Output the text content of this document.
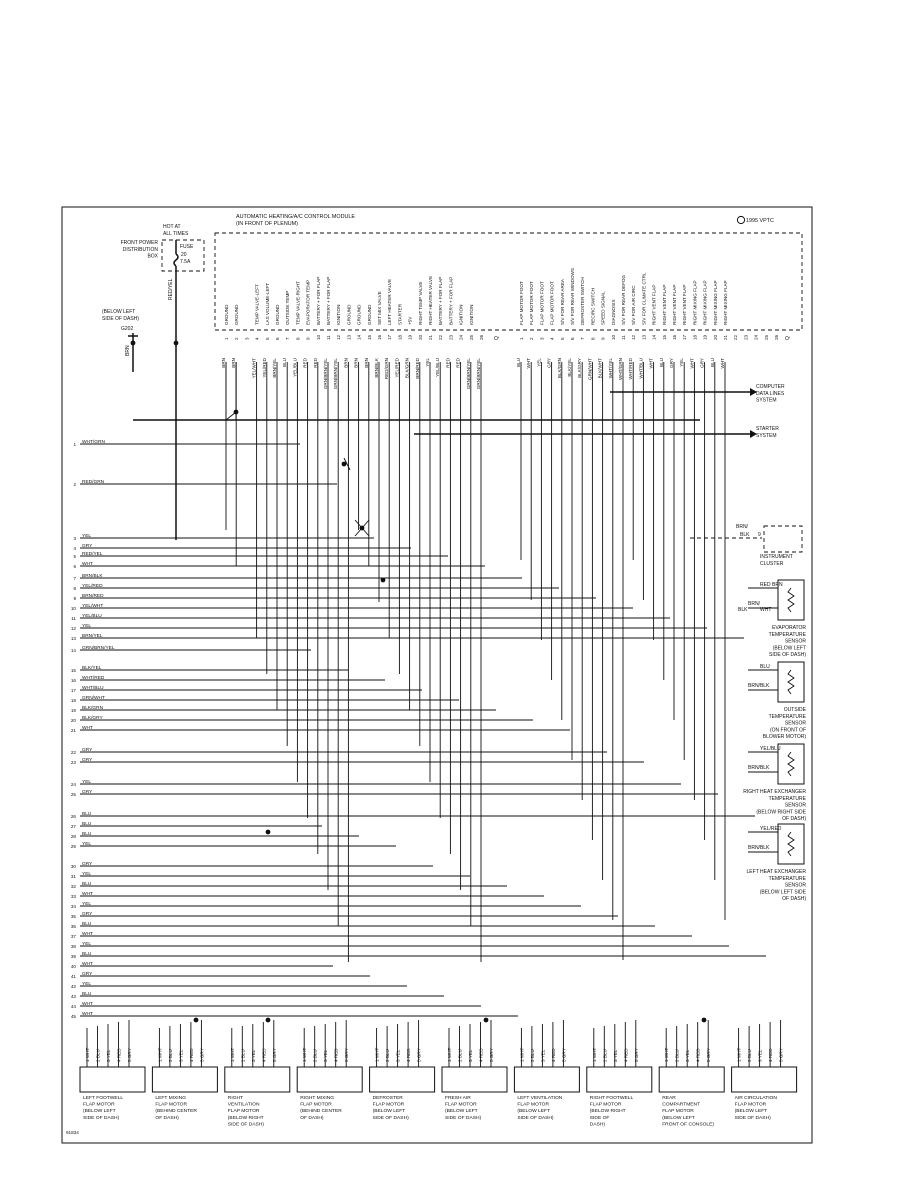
AUTOMATIC HEATING/A/C CONTROL MODULE
(IN FRONT OF PLENUM)	1995 VPTC
GROUND
1
BRN
GROUND
2
BRN
3
TEMP VALVE-LEFT
4
YEL/WHT
LAS VOLUME-LEFT
5
YEL/RED
GROUND
6
BRN/YEL
OUTSIDE TEMP
7
BLU
TEMP VALVE-RIGHT
8
YEL/BLU
EVAPORATOR TEMP
9
RED
BATTERY + FOR FLAP
10
RED
BATTERY + FOR FLAP
11
GRN/BRN/YEL
IGNITION
12
GRN/BRN/YEL
GROUND
13
BRN
GROUND
14
BRN
GROUND
15
BRN
SET MIX VALVE
16
BRN/BLK
LEFT HEATER VALVE
17
RED/GRN
STARTER
18
YEL/RED
+5V
19
BLK/GRN
RIGHT TEMP VALVE
20
BRN/RED
RIGHT HEATER VALVE
21
YEL
BATTERY + FOR FLAP
22
YEL/BLU
BATTERY + FOR FLAP
23
RED
IGNITION
24
RED
IGNITION
25
GRN/BRN/YEL
26
GRN/BRN/YEL
Q
FLAP MOTOR FOOT
1
BLU
FLAP MOTOR FOOT
2
WHT
FLAP MOTOR FOOT
3
YEL
FLAP MOTOR FOOT
4
GRY
S/V FOR REAR AREA
5
BLK/GRN
S/V FOR REAR WINDOWS
6
BLK/YEL
DEFROSTER SWITCH
7
BLK/GRY
RECIRC SWITCH
8
GRN/WHT
SPEED SIGNAL
9
BLK/WHT
DIAGNOSIS
10
WHT/YEL
S/V FOR REAR DEFOG
11
WHT/GRN
S/V FOR AIR CIRC
12
WHT/RED
S/V FOR CLIMATE CTRL
13
WHT/BLU
RIGHT VENT FLAP
14
WHT
RIGHT VENT FLAP
15
BLU
RIGHT VENT FLAP
16
GRY
RIGHT VENT FLAP
17
YEL
RIGHT MIXING FLAP
18
WHT
RIGHT MIXING FLAP
19
GRY
RIGHT MIXING FLAP
20
BLU
RIGHT MIXING FLAP
21
WHT
22 23 24 25 26 Q
HOT AT
ALL TIMES
FUSE
20
7.5A
FRONT POWER
DISTRIBUTION
BOX
RED/YEL
(BELOW LEFT
SIDE OF DASH)
G202
BRN
1 WHT/GRN
2 RED/GRN
3 YEL
4 GRY
5 RED/YEL
6 WHT
7 BRN/BLK
8 YEL/RED
9 BRN/RED
10 YEL/WHT
11 YEL/BLU
12 YEL
13 BRN/YEL
14 GRN/BRN/YEL
15 BLK/YEL
16 WHT/RED
17 WHT/BLU
18 GRN/WHT
19 BLK/GRN
20 BLK/GRY
21 WHT
22 GRY
23 GRY
24 YEL
25 GRY
26 BLU
27 BLU
28 BLU
29 YEL
30 GRY
31 YEL
32 BLU
33 WHT
34 YEL
35 GRY
36 BLU
37 WHT
38 YEL
39 BLU
40 WHT
41 GRY
42 YEL
43 BLU
44 WHT
45 WHT
COMPUTER
DATA LINES
SYSTEM
STARTER
SYSTEM
BRN/
BLK 9
INSTRUMENT
CLUSTER
RED BRN
BRN/
BLK	WHT
EVAPORATOR
TEMPERATURE
SENSOR
(BELOW LEFT
SIDE OF DASH)
BLU
BRN/BLK
OUTSIDE
TEMPERATURE
SENSOR
(ON FRONT OF
BLOWER MOTOR)
YEL/BLU
BRN/BLK
RIGHT HEAT EXCHANGER
TEMPERATURE
SENSOR
(BELOW RIGHT SIDE
OF DASH)
YEL/RED
BRN/BLK
LEFT HEAT EXCHANGER
TEMPERATURE
SENSOR
(BELOW LEFT SIDE
OF DASH)
1 WHT 2 BLU 3 YEL 4 RED 5 GRY
LEFT FOOTWELL
FLAP MOTOR
(BELOW LEFT
SIDE OF DASH)
1 WHT 2 BLU 3 YEL 4 RED 5 GRY
LEFT MIXING
FLAP MOTOR
(BEHIND CENTER
OF DASH)
1 WHT 2 BLU 3 YEL 4 RED 5 GRY
RIGHT
VENTILATION
FLAP MOTOR
(BELOW RIGHT
SIDE OF DASH)
1 WHT 2 BLU 3 YEL 4 RED 5 GRY
RIGHT MIXING
FLAP MOTOR
(BEHIND CENTER
OF DASH)
1 WHT 2 BLU 3 YEL 4 RED 5 GRY
DEFROSTER
FLAP MOTOR
(BELOW LEFT
SIDE OF DASH)
1 WHT 2 BLU 3 YEL 4 RED 5 GRY
FRESH AIR
FLAP MOTOR
(BELOW LEFT
SIDE OF DASH)
1 WHT 2 BLU 3 YEL 4 RED 5 GRY
LEFT VENTILATION
FLAP MOTOR
(BELOW LEFT
SIDE OF DASH)
1 WHT 2 BLU 3 YEL 4 RED 5 GRY
RIGHT FOOTWELL
FLAP MOTOR
(BELOW RIGHT
SIDE OF
DASH)
1 WHT 2 BLU 3 YEL 4 RED 5 GRY
REAR
COMPARTMENT
FLAP MOTOR
(BELOW LEFT
FRONT OF CONSOLE)
1 WHT 2 BLU 3 YEL 4 RED 5 GRY
AIR CIRCULATION
FLAP MOTOR
(BELOW LEFT
SIDE OF DASH)
91834
